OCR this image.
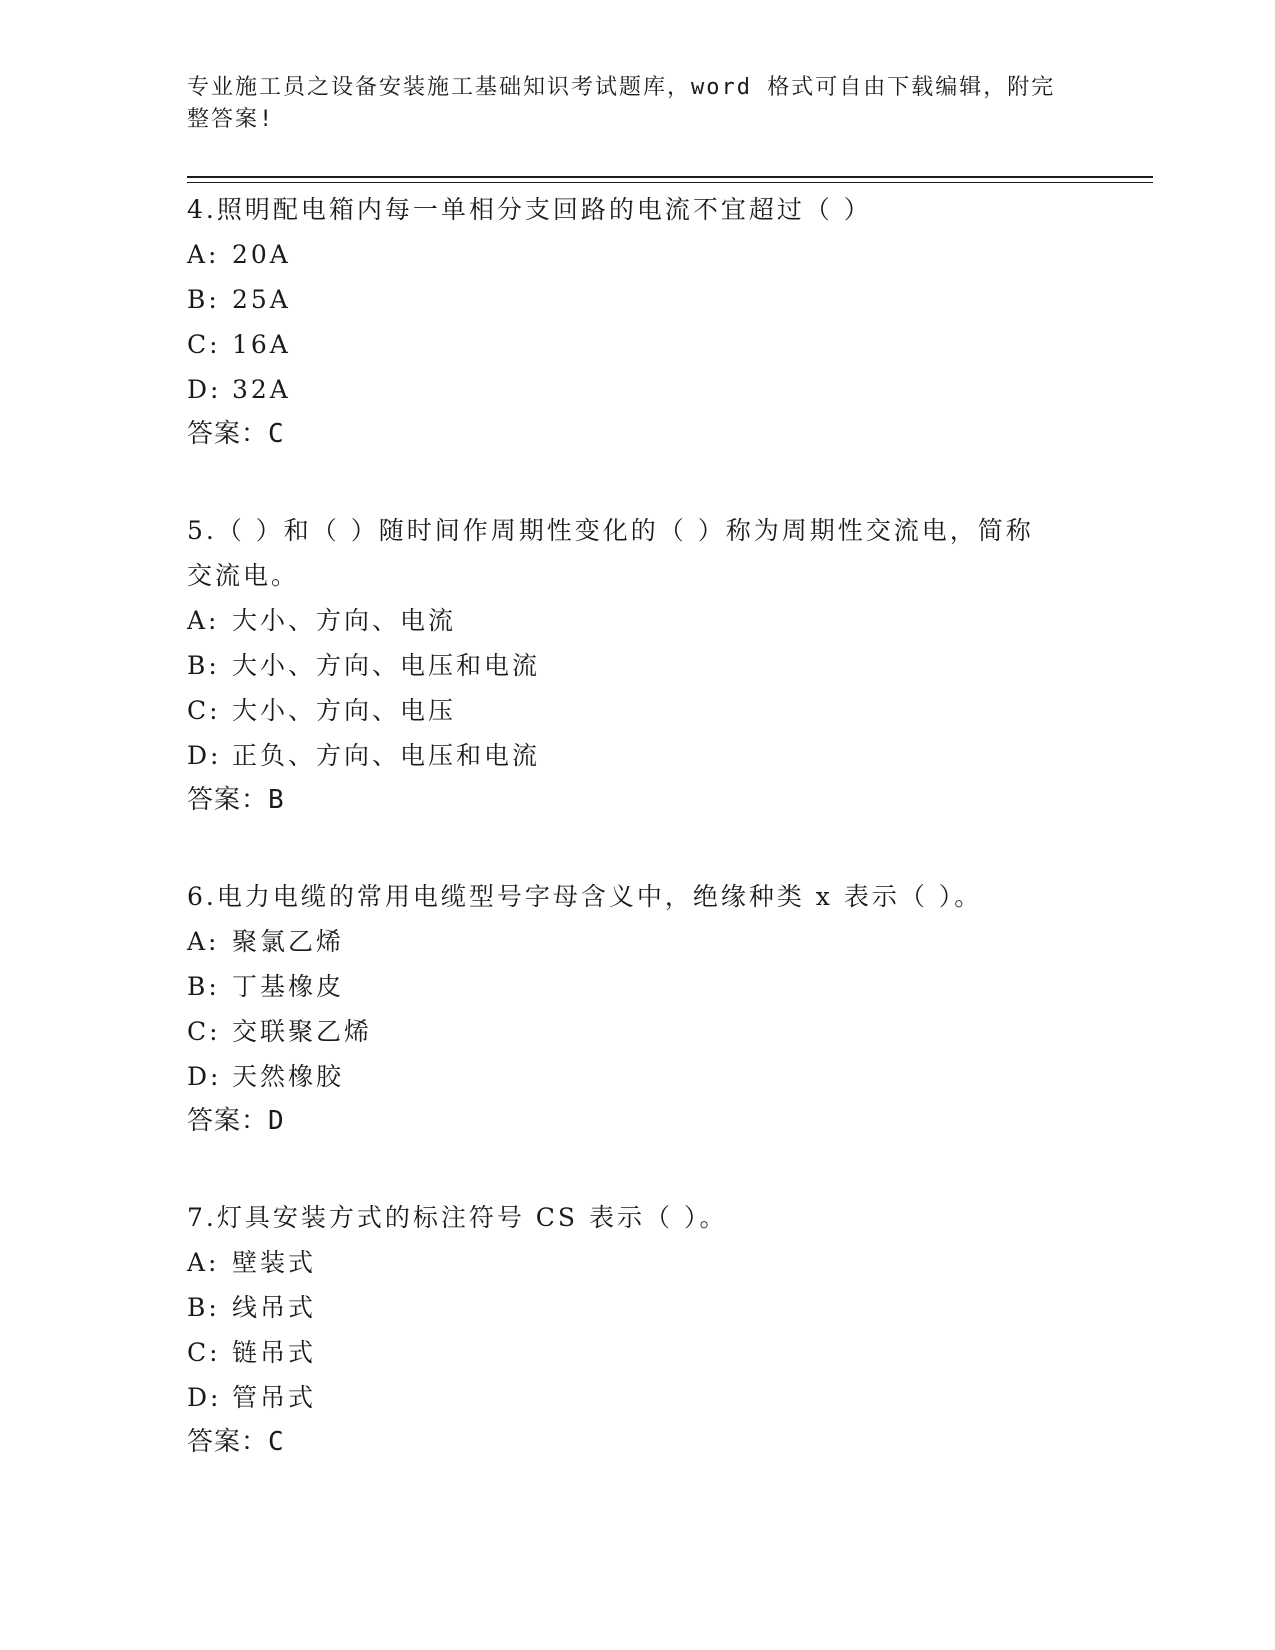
专业施工员之设备安装施工基础知识考试题库，word 格式可自由下载编辑，附完
整答案!

4.照明配电箱内每一单相分支回路的电流不宜超过（ ）

A: 20A
B: 25A
C: 16A
D: 32A
答案： C

5.（ ）和（ ）随时间作周期性变化的（ ）称为周期性交流电，简称交流电。

A: 大小、方向、电流
B: 大小、方向、电压和电流
C: 大小、方向、电压
D: 正负、方向、电压和电流
答案： B

6.电力电缆的常用电缆型号字母含义中，绝缘种类 x 表示（ ）。

A: 聚氯乙烯
B: 丁基橡皮
C: 交联聚乙烯
D: 天然橡胶
答案： D

7.灯具安装方式的标注符号 CS 表示（ ）。

A: 壁装式
B: 线吊式
C: 链吊式
D: 管吊式
答案： C
